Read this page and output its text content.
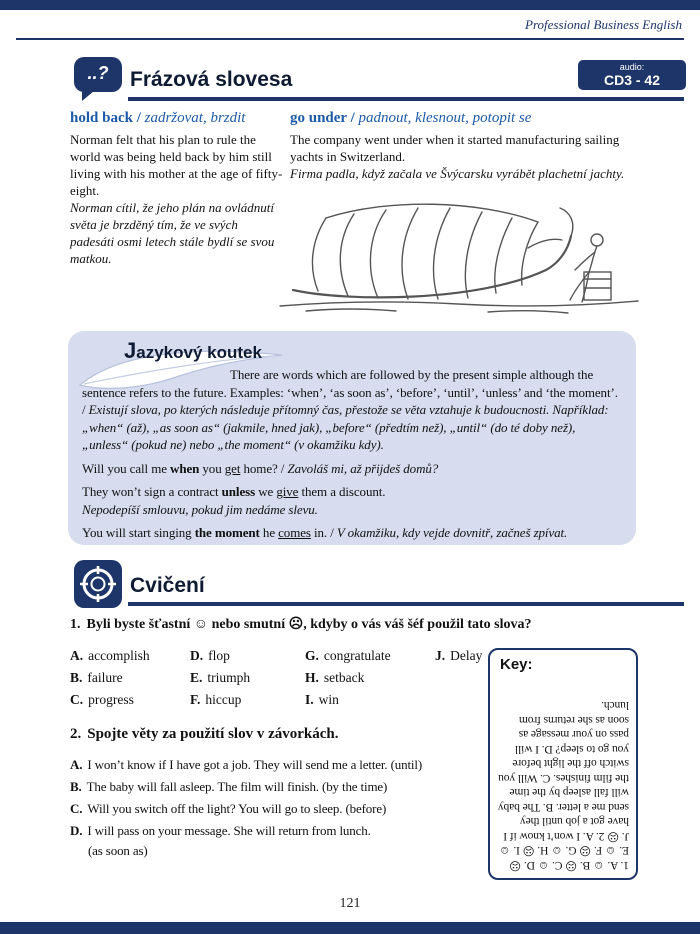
Professional Business English
..?	Frázová slovesa
audio:
CD3 - 42
hold back / zadržovat, brzdit

Norman felt that his plan to rule the world was being held back by him still living with his mother at the age of fifty-eight.

Norman cítil, že jeho plán na ovládnutí světa je brzděný tím, že ve svých padesáti osmi letech stále bydlí se svou matkou.

go under / padnout, klesnout, potopit se

The company went under when it started manufacturing sailing yachts in Switzerland.

Firma padla, když začala ve Švýcarsku vyrábět plachetní jachty.

Jazykový koutek

There are words which are followed by the present simple although the sentence refers to the future. Examples: ‘when’, ‘as soon as’, ‘before’, ‘until’, ‘unless’ and ‘the moment’. / Existují slova, po kterých následuje přítomný čas, přestože se věta vztahuje k budoucnosti. Například: „when“ (až), „as soon as“ (jakmile, hned jak), „before“ (předtím než), „until“ (do té doby než), „unless“ (pokud ne) nebo „the moment“ (v okamžiku kdy).

Will you call me when you get home? / Zavoláš mi, až přijdeš domů?

They won’t sign a contract unless we give them a discount.
Nepodepíší smlouvu, pokud jim nedáme slevu.

You will start singing the moment he comes in. / V okamžiku, kdy vejde dovnitř, začneš zpívat.

Cvičení

1. Byli byste šťastní ☺ nebo smutní ☹, kdyby o vás váš šéf použil tato slova?

A. accomplish
B. failure
C. progress
D. flop
E. triumph
F. hiccup
G. congratulate
H. setback
I. win
J. Delay
Key:
1. A. ☺ B. ☹ C. ☺ D. ☹ E. ☺ F. ☹ G. ☺ H. ☹ I. ☺ J. ☹ 2. A. I won’t know if I have got a job until they send me a letter. B. The baby will fall asleep by the time the film finishes. C. Will you switch off the light before you go to sleep? D. I will pass on your message as soon as she returns from lunch.

2. Spojte věty za použití slov v závorkách.

A. I won’t know if I have got a job. They will send me a letter. (until)
B. The baby will fall asleep. The film will finish. (by the time)
C. Will you switch off the light? You will go to sleep. (before)
D. I will pass on your message. She will return from lunch.
(as soon as)
121
